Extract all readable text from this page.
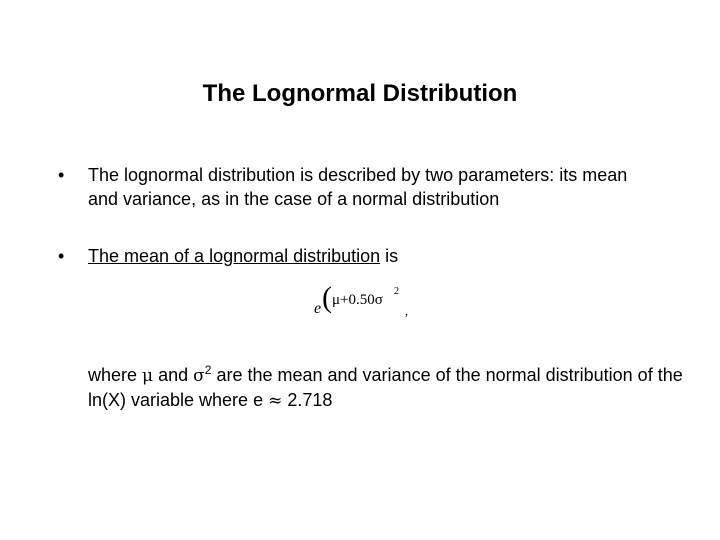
The Lognormal Distribution
•	The lognormal distribution is described by two parameters: its mean and variance, as in the case of a normal distribution
•	The mean of a lognormal distribution is
e ( μ+0.50σ
2
,
where μ and $\sigma^2$ are the mean and variance of the normal distribution of the ln(X) variable where e ≈ 2.718
